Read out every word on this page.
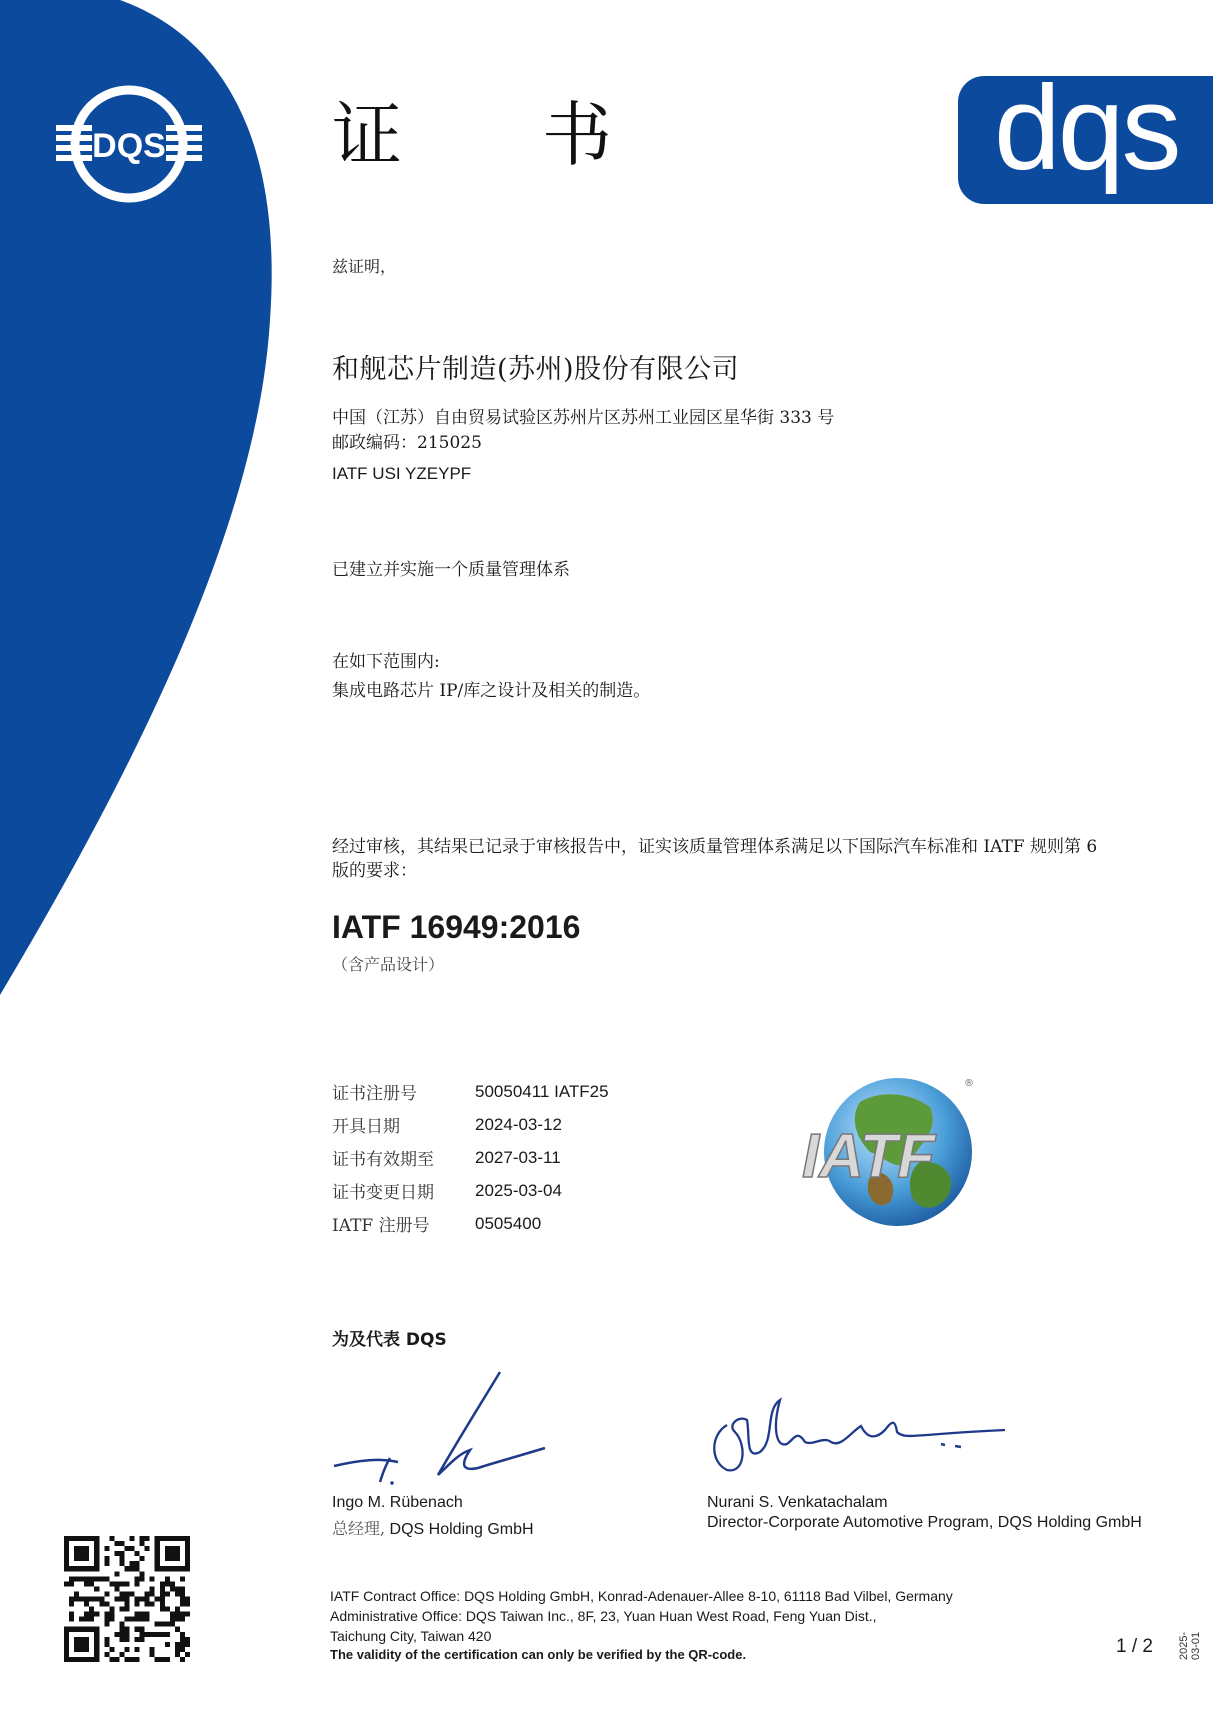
DQS	dqs
证书
兹证明，
和舰芯片制造(苏州)股份有限公司
中国（江苏）自由贸易试验区苏州片区苏州工业园区星华街 333 号
邮政编码：215025
IATF USI YZEYPF
已建立并实施一个质量管理体系
在如下范围内:
集成电路芯片 IP/库之设计及相关的制造。
经过审核，其结果已记录于审核报告中，证实该质量管理体系满足以下国际汽车标准和 IATF 规则第 6
版的要求：
IATF 16949:2016
（含产品设计）
证书注册号	50050411 IATF25
开具日期	2024-03-12
证书有效期至	2027-03-11
证书变更日期	2025-03-04
IATF 注册号	0505400
IATF
®
为及代表 DQS
Ingo M. Rübenach
总经理, DQS Holding GmbH
Nurani S. Venkatachalam
Director-Corporate Automotive Program, DQS Holding GmbH
IATF Contract Office: DQS Holding GmbH, Konrad-Adenauer-Allee 8-10, 61118 Bad Vilbel, Germany
Administrative Office: DQS Taiwan Inc., 8F, 23, Yuan Huan West Road, Feng Yuan Dist.,
Taichung City, Taiwan 420
The validity of the certification can only be verified by the QR-code.	1 / 2 2025-03-01
